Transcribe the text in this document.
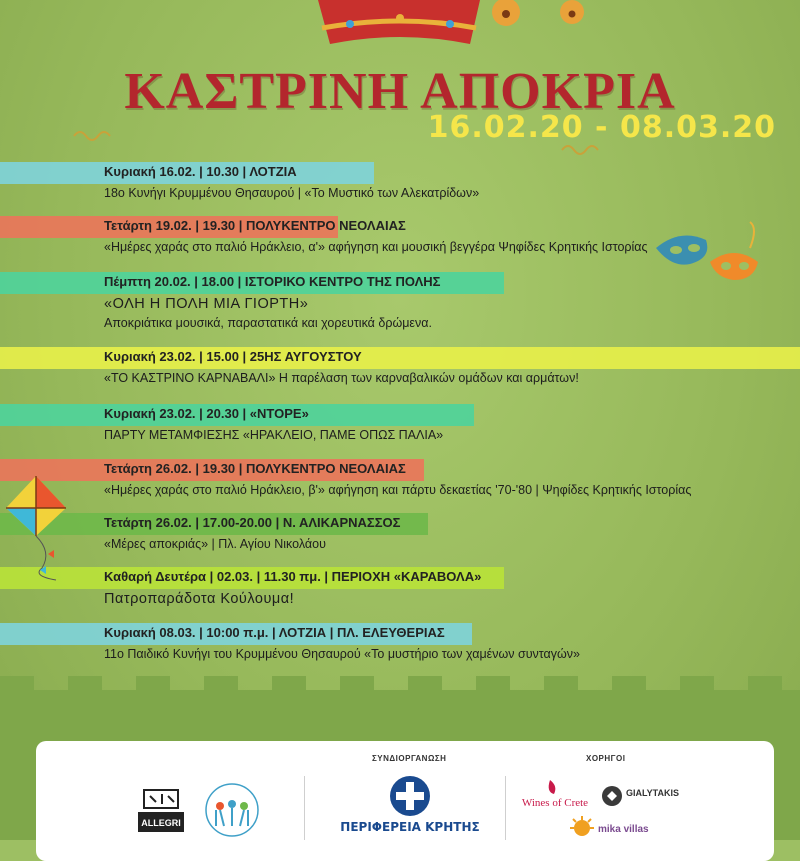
ΚΑΣΤΡΙΝΗ ΑΠΟΚΡΙΑ
16.02.20 - 08.03.20
Κυριακή 16.02. | 10.30 | ΛΟΤΖΙΑ
18ο Κυνήγι Κρυμμένου Θησαυρού | «Το Μυστικό των Αλεκατρίδων»
Τετάρτη 19.02. | 19.30 | ΠΟΛΥΚΕΝΤΡΟ ΝΕΟΛΑΙΑΣ
«Ημέρες χαράς στο παλιό Ηράκλειο, α'» αφήγηση και μουσική βεγγέρα Ψηφίδες Κρητικής Ιστορίας
Πέμπτη 20.02. | 18.00 | ΙΣΤΟΡΙΚΟ ΚΕΝΤΡΟ ΤΗΣ ΠΟΛΗΣ
«ΟΛΗ Η ΠΟΛΗ ΜΙΑ ΓΙΟΡΤΗ»
Αποκριάτικα μουσικά, παραστατικά και χορευτικά δρώμενα.
Κυριακή 23.02. | 15.00 | 25ΗΣ ΑΥΓΟΥΣΤΟΥ
«ΤΟ ΚΑΣΤΡΙΝΟ ΚΑΡΝΑΒΑΛΙ» Η παρέλαση των καρναβαλικών ομάδων και αρμάτων!
Κυριακή 23.02. | 20.30 | «ΝΤΟΡΕ»
ΠΑΡΤΥ ΜΕΤΑΜΦΙΕΣΗΣ «ΗΡΑΚΛΕΙΟ, ΠΑΜΕ ΟΠΩΣ ΠΑΛΙΑ»
Τετάρτη 26.02. | 19.30 | ΠΟΛΥΚΕΝΤΡΟ ΝΕΟΛΑΙΑΣ
«Ημέρες χαράς στο παλιό Ηράκλειο, β'» αφήγηση και πάρτυ δεκαετίας '70-'80 | Ψηφίδες Κρητικής Ιστορίας
Τετάρτη 26.02. | 17.00-20.00 | Ν. ΑΛΙΚΑΡΝΑΣΣΟΣ
«Μέρες αποκριάς» | Πλ. Αγίου Νικολάου
Καθαρή Δευτέρα | 02.03. | 11.30 πμ. | ΠΕΡΙΟΧΗ «ΚΑΡΑΒΟΛΑ»
Πατροπαράδοτα Κούλουμα!
Κυριακή 08.03. | 10:00 π.μ. | ΛΟΤΖΙΑ | ΠΛ. ΕΛΕΥΘΕΡΙΑΣ
11ο Παιδικό Κυνήγι του Κρυμμένου Θησαυρού «Το μυστήριο των χαμένων συνταγών»
ΣΥΝΔΙΟΡΓΑΝΩΣΗ	ΧΟΡΗΓΟΙ
ALLEGRI	ΠΕΡΙΦΕΡΕΙΑ ΚΡΗΤΗΣ
Wines of Crete
GIALYTAKIS
mika villas
